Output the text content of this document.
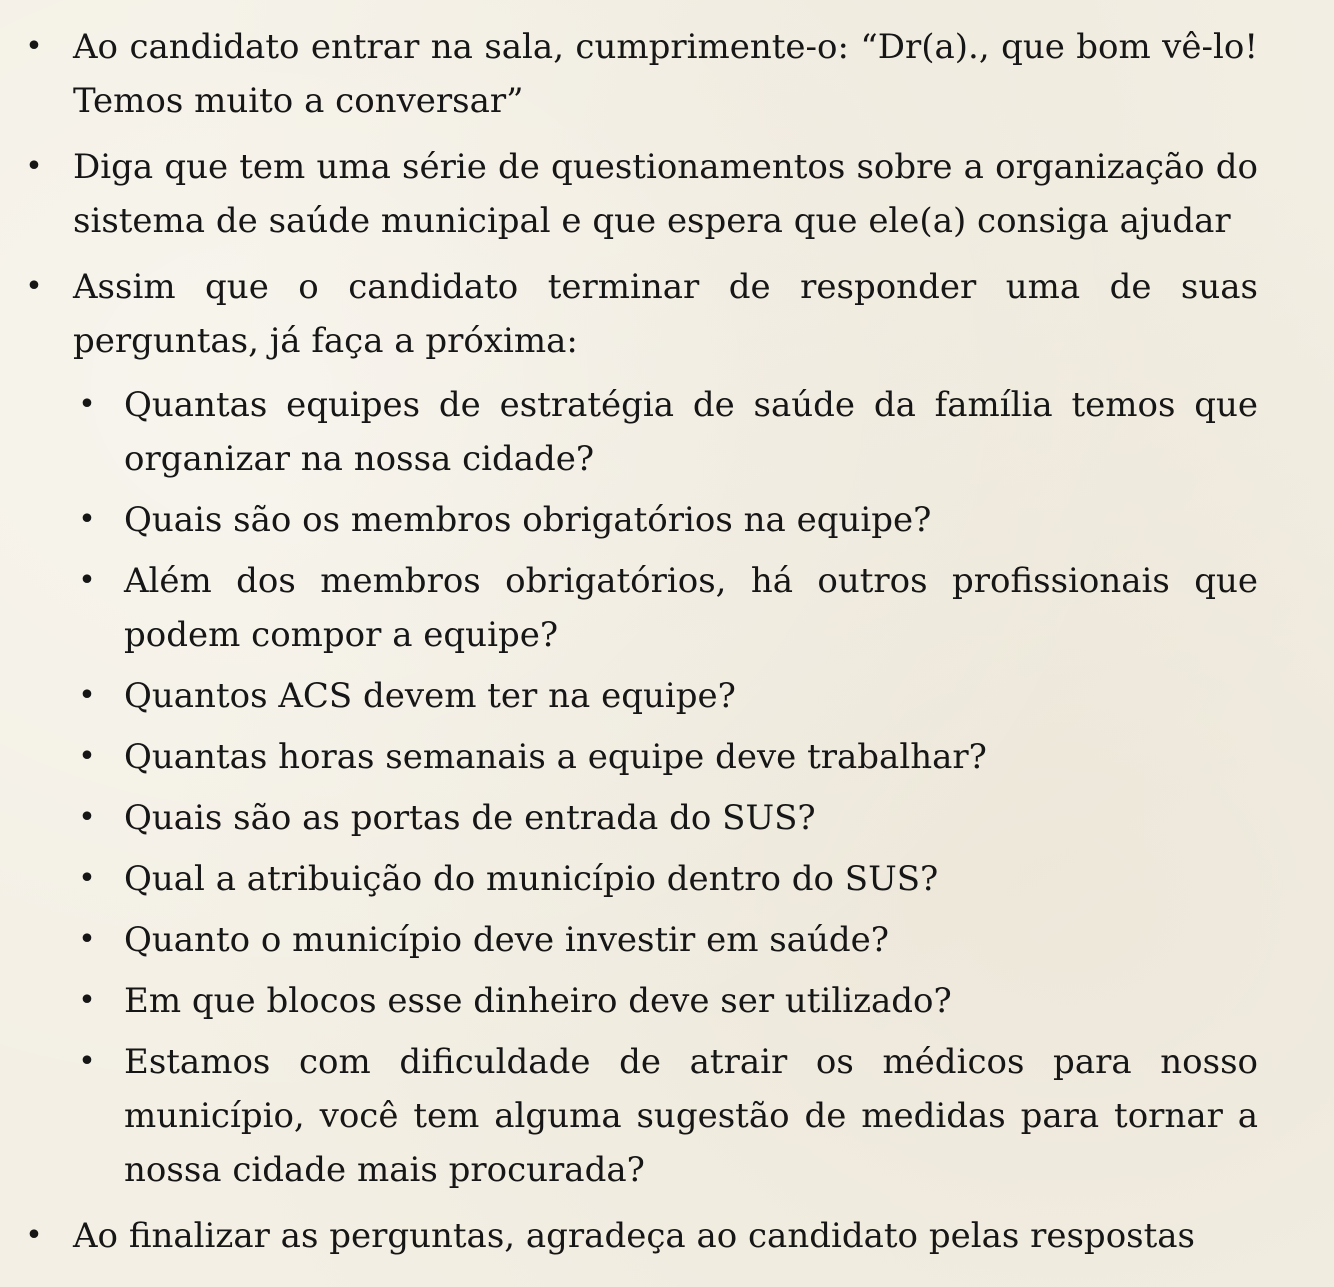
• Ao candidato entrar na sala, cumprimente-o: “Dr(a)., que bom vê-lo! Temos muito a conversar”
• Diga que tem uma série de questionamentos sobre a organização do sistema de saúde municipal e que espera que ele(a) consiga ajudar
• Assim que o candidato terminar de responder uma de suas perguntas, já faça a próxima:
• Quantas equipes de estratégia de saúde da família temos que organizar na nossa cidade?
• Quais são os membros obrigatórios na equipe?
• Além dos membros obrigatórios, há outros profissionais que podem compor a equipe?
• Quantos ACS devem ter na equipe?
• Quantas horas semanais a equipe deve trabalhar?
• Quais são as portas de entrada do SUS?
• Qual a atribuição do município dentro do SUS?
• Quanto o município deve investir em saúde?
• Em que blocos esse dinheiro deve ser utilizado?
• Estamos com dificuldade de atrair os médicos para nosso município, você tem alguma sugestão de medidas para tornar a nossa cidade mais procurada?
• Ao finalizar as perguntas, agradeça ao candidato pelas respostas
